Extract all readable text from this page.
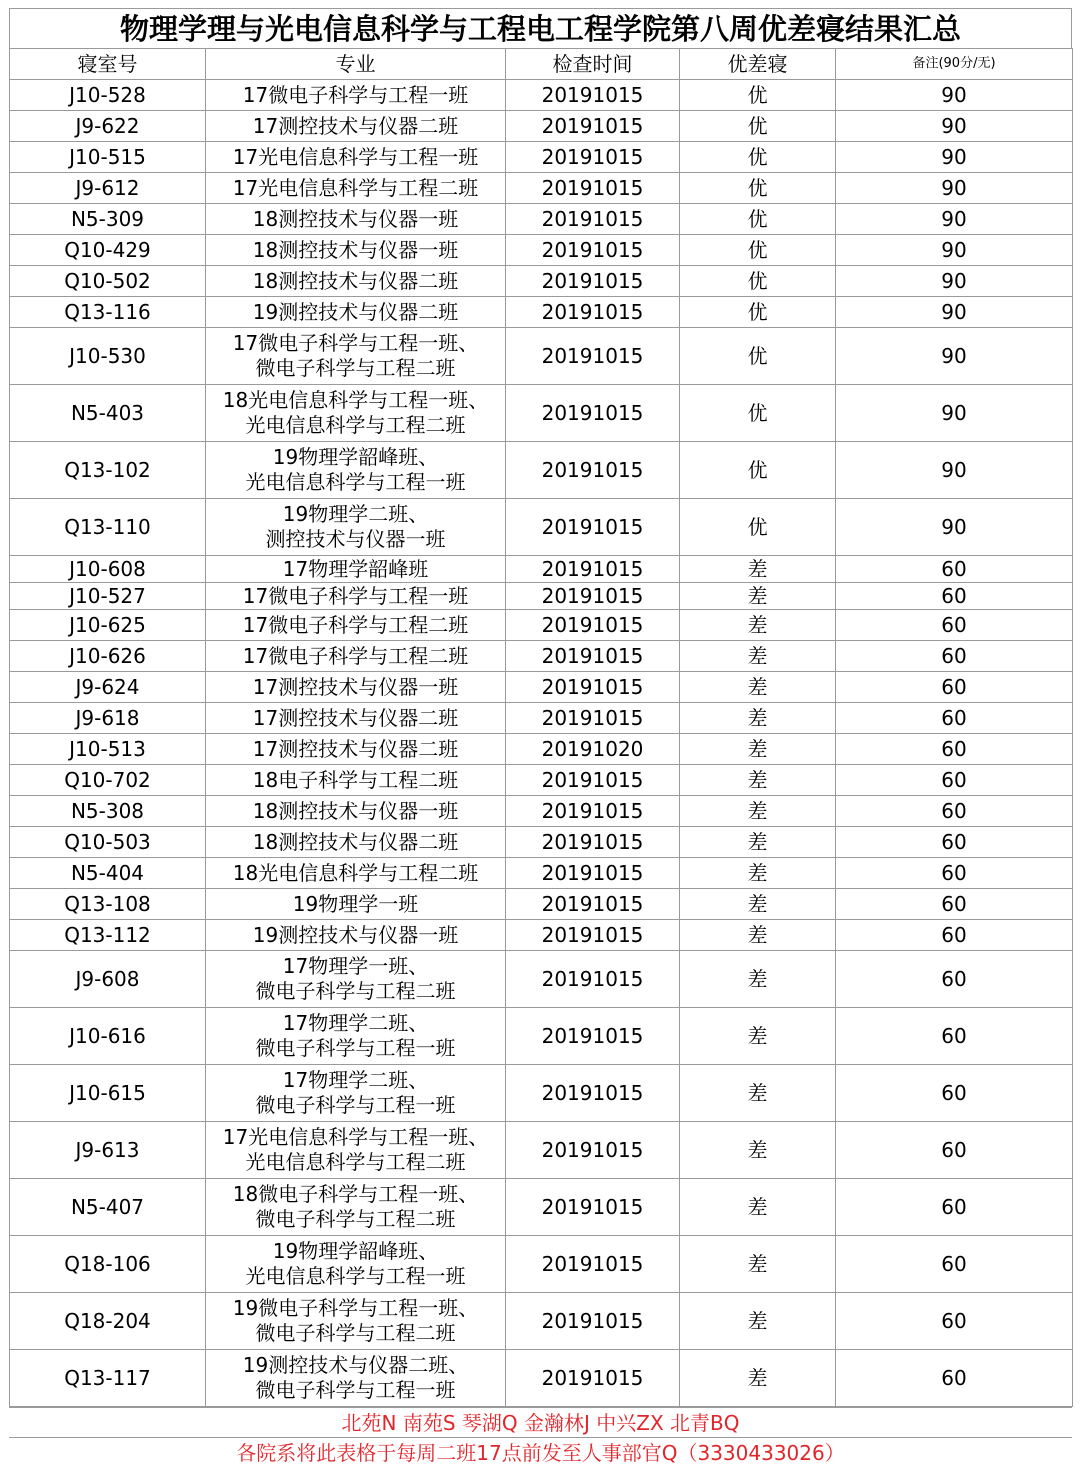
物理学理与光电信息科学与工程电工程学院第八周优差寝结果汇总
寝室号	专业	检查时间	优差寝	备注(90分/无)
J10-528	17微电子科学与工程一班	20191015	优	90
J9-622	17测控技术与仪器二班	20191015	优	90
J10-515	17光电信息科学与工程一班	20191015	优	90
J9-612	17光电信息科学与工程二班	20191015	优	90
N5-309	18测控技术与仪器一班	20191015	优	90
Q10-429	18测控技术与仪器一班	20191015	优	90
Q10-502	18测控技术与仪器二班	20191015	优	90
Q13-116	19测控技术与仪器二班	20191015	优	90
J10-530	17微电子科学与工程一班、
微电子科学与工程二班	20191015	优	90
N5-403	18光电信息科学与工程一班、
光电信息科学与工程二班	20191015	优	90
Q13-102	19物理学韶峰班、
光电信息科学与工程一班	20191015	优	90
Q13-110	19物理学二班、
测控技术与仪器一班	20191015	优	90
J10-608	17物理学韶峰班	20191015	差	60
J10-527	17微电子科学与工程一班	20191015	差	60
J10-625	17微电子科学与工程二班	20191015	差	60
J10-626	17微电子科学与工程二班	20191015	差	60
J9-624	17测控技术与仪器一班	20191015	差	60
J9-618	17测控技术与仪器二班	20191015	差	60
J10-513	17测控技术与仪器二班	20191020	差	60
Q10-702	18电子科学与工程二班	20191015	差	60
N5-308	18测控技术与仪器一班	20191015	差	60
Q10-503	18测控技术与仪器二班	20191015	差	60
N5-404	18光电信息科学与工程二班	20191015	差	60
Q13-108	19物理学一班	20191015	差	60
Q13-112	19测控技术与仪器一班	20191015	差	60
J9-608	17物理学一班、
微电子科学与工程二班	20191015	差	60
J10-616	17物理学二班、
微电子科学与工程一班	20191015	差	60
J10-615	17物理学二班、
微电子科学与工程一班	20191015	差	60
J9-613	17光电信息科学与工程一班、
光电信息科学与工程二班	20191015	差	60
N5-407	18微电子科学与工程一班、
微电子科学与工程二班	20191015	差	60
Q18-106	19物理学韶峰班、
光电信息科学与工程一班	20191015	差	60
Q18-204	19微电子科学与工程一班、
微电子科学与工程二班	20191015	差	60
Q13-117	19测控技术与仪器二班、
微电子科学与工程一班	20191015	差	60
北苑N 南苑S 琴湖Q 金瀚林J 中兴ZX 北青BQ
各院系将此表格于每周二班17点前发至人事部官Q（3330433026）
